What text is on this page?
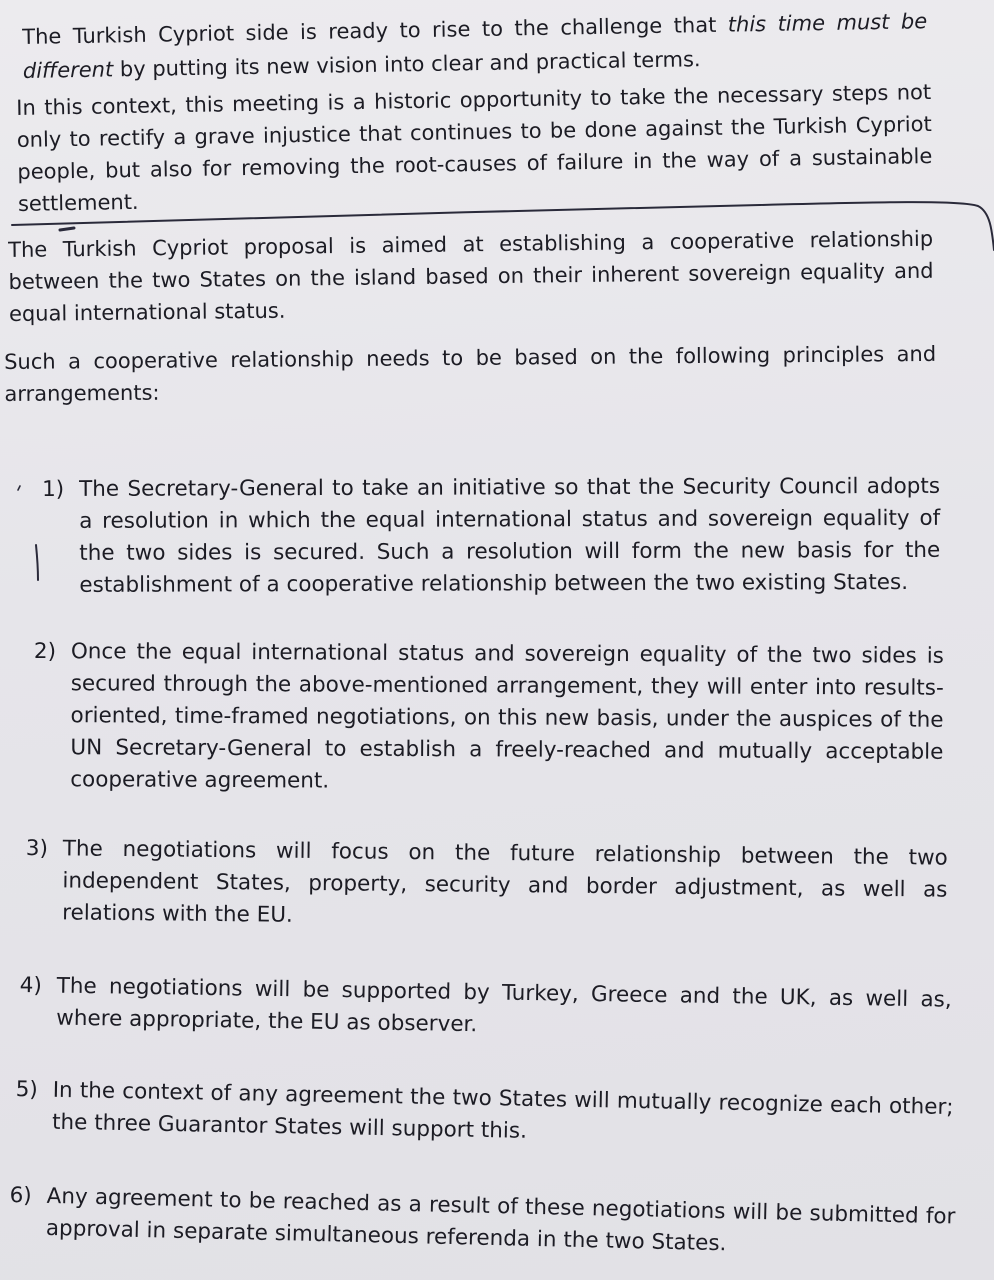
The Turkish Cypriot side is ready to rise to the challenge that this time must be different by putting its new vision into clear and practical terms.

In this context, this meeting is a historic opportunity to take the necessary steps not only to rectify a grave injustice that continues to be done against the Turkish Cypriot people, but also for removing the root-causes of failure in the way of a sustainable settlement.

The Turkish Cypriot proposal is aimed at establishing a cooperative relationship between the two States on the island based on their inherent sovereign equality and equal international status.

Such a cooperative relationship needs to be based on the following principles and arrangements:

1) The Secretary-General to take an initiative so that the Security Council adopts a resolution in which the equal international status and sovereign equality of the two sides is secured. Such a resolution will form the new basis for the establishment of a cooperative relationship between the two existing States.
2) Once the equal international status and sovereign equality of the two sides is secured through the above-mentioned arrangement, they will enter into results-oriented, time-framed negotiations, on this new basis, under the auspices of the UN Secretary-General to establish a freely-reached and mutually acceptable cooperative agreement.
3) The negotiations will focus on the future relationship between the two independent States, property, security and border adjustment, as well as relations with the EU.
4) The negotiations will be supported by Turkey, Greece and the UK, as well as, where appropriate, the EU as observer.
5) In the context of any agreement the two States will mutually recognize each other; the three Guarantor States will support this.
6) Any agreement to be reached as a result of these negotiations will be submitted for approval in separate simultaneous referenda in the two States.
